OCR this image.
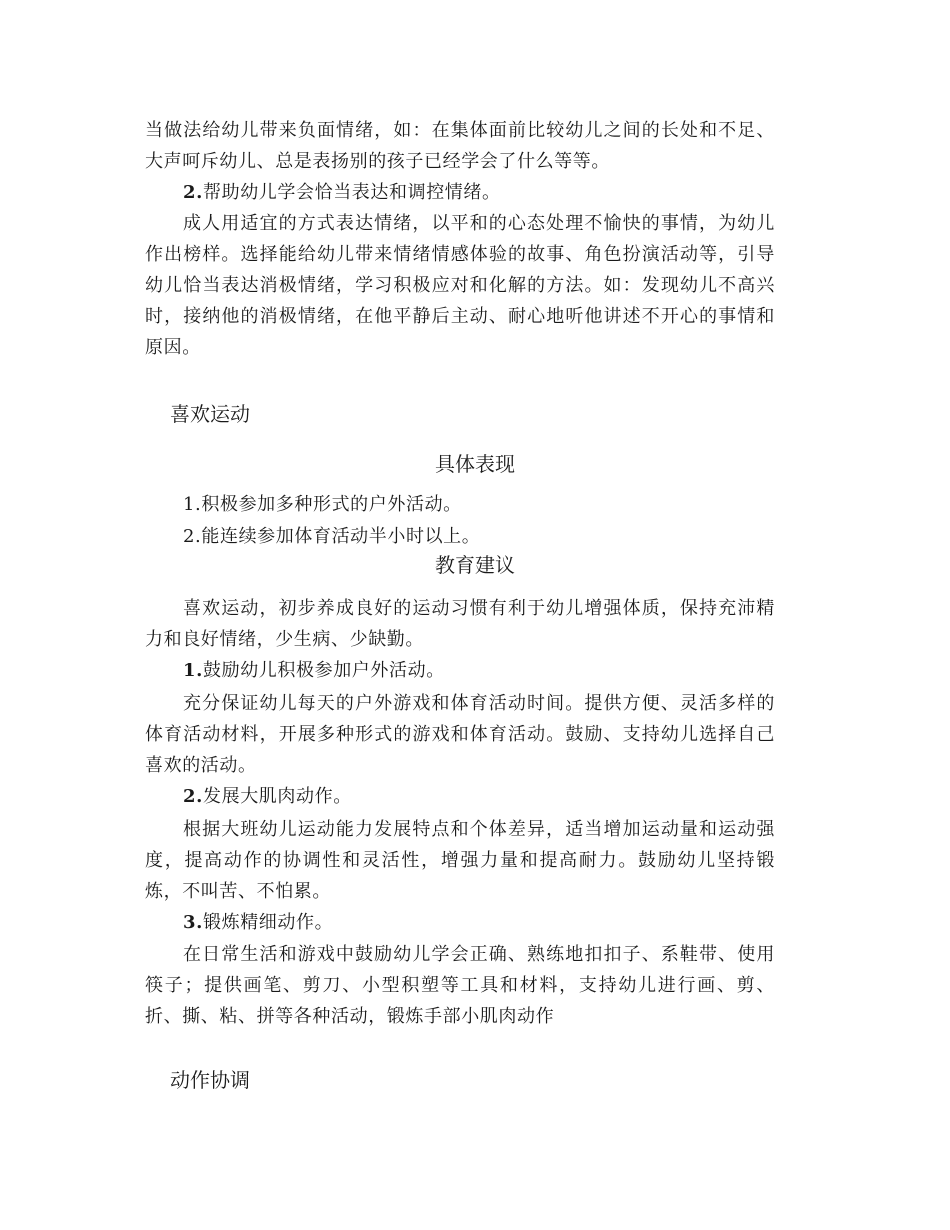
当做法给幼儿带来负面情绪，如：在集体面前比较幼儿之间的长处和不足、大声呵斥幼儿、总是表扬别的孩子已经学会了什么等等。

2.帮助幼儿学会恰当表达和调控情绪。

成人用适宜的方式表达情绪，以平和的心态处理不愉快的事情，为幼儿作出榜样。选择能给幼儿带来情绪情感体验的故事、角色扮演活动等，引导幼儿恰当表达消极情绪，学习积极应对和化解的方法。如：发现幼儿不高兴时，接纳他的消极情绪，在他平静后主动、耐心地听他讲述不开心的事情和原因。

喜欢运动
具体表现

1.积极参加多种形式的户外活动。

2.能连续参加体育活动半小时以上。

教育建议

喜欢运动，初步养成良好的运动习惯有利于幼儿增强体质，保持充沛精力和良好情绪，少生病、少缺勤。

1.鼓励幼儿积极参加户外活动。

充分保证幼儿每天的户外游戏和体育活动时间。提供方便、灵活多样的体育活动材料，开展多种形式的游戏和体育活动。鼓励、支持幼儿选择自己喜欢的活动。

2.发展大肌肉动作。

根据大班幼儿运动能力发展特点和个体差异，适当增加运动量和运动强度，提高动作的协调性和灵活性，增强力量和提高耐力。鼓励幼儿坚持锻炼，不叫苦、不怕累。

3.锻炼精细动作。

在日常生活和游戏中鼓励幼儿学会正确、熟练地扣扣子、系鞋带、使用筷子；提供画笔、剪刀、小型积塑等工具和材料，支持幼儿进行画、剪、折、撕、粘、拼等各种活动，锻炼手部小肌肉动作

动作协调
